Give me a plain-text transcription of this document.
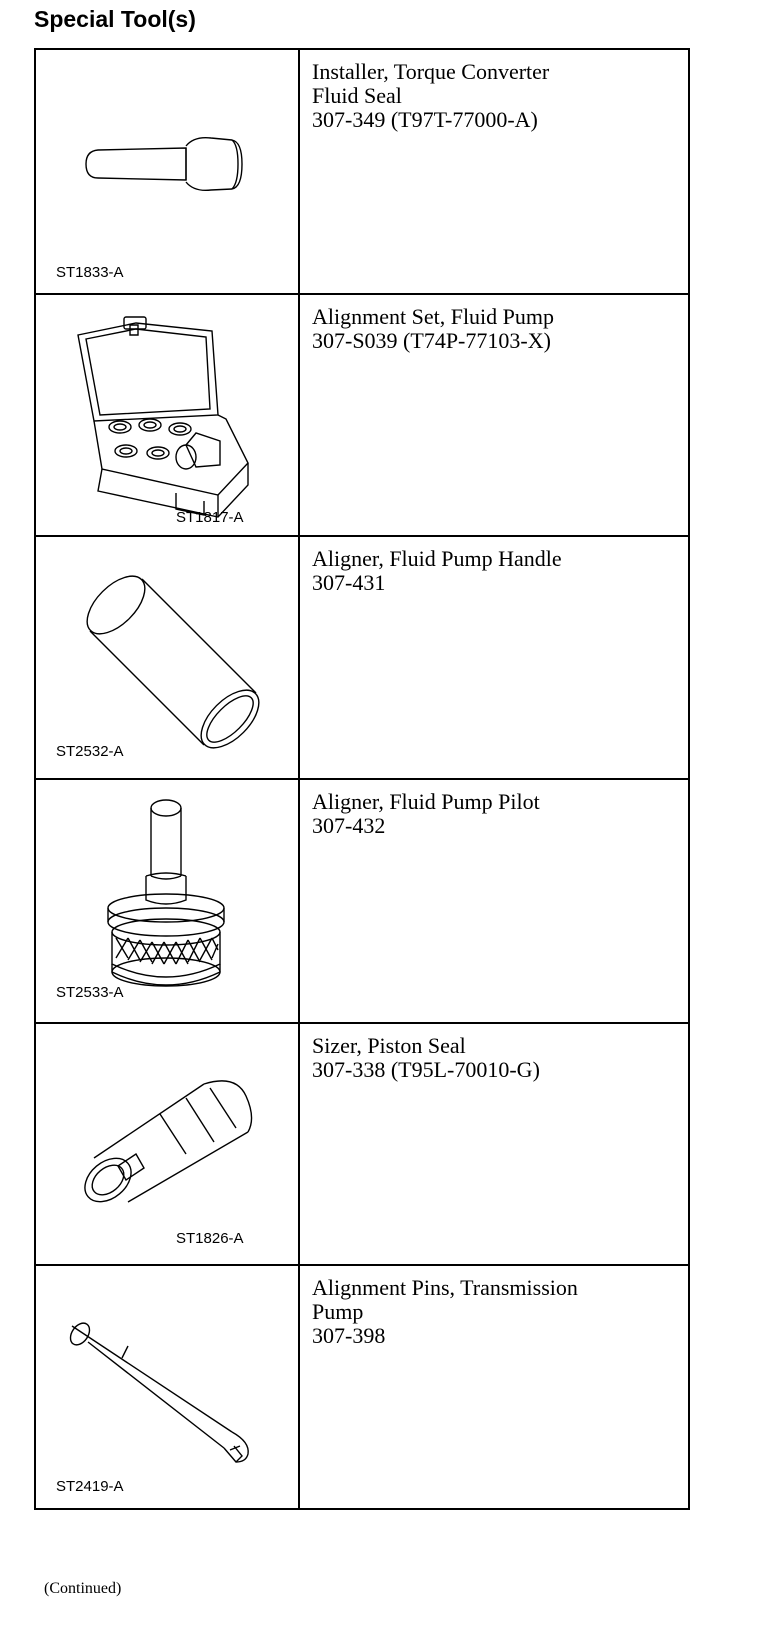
Special Tool(s)
ST1833-A	Installer, Torque Converter
Fluid Seal
307-349 (T97T-77000-A)

ST1817-A	Alignment Set, Fluid Pump
307-S039 (T74P-77103-X)

ST2532-A	Aligner, Fluid Pump Handle
307-431

ST2533-A	Aligner, Fluid Pump Pilot
307-432

ST1826-A	Sizer, Piston Seal
307-338 (T95L-70010-G)

ST2419-A	Alignment Pins, Transmission
Pump
307-398
(Continued)
